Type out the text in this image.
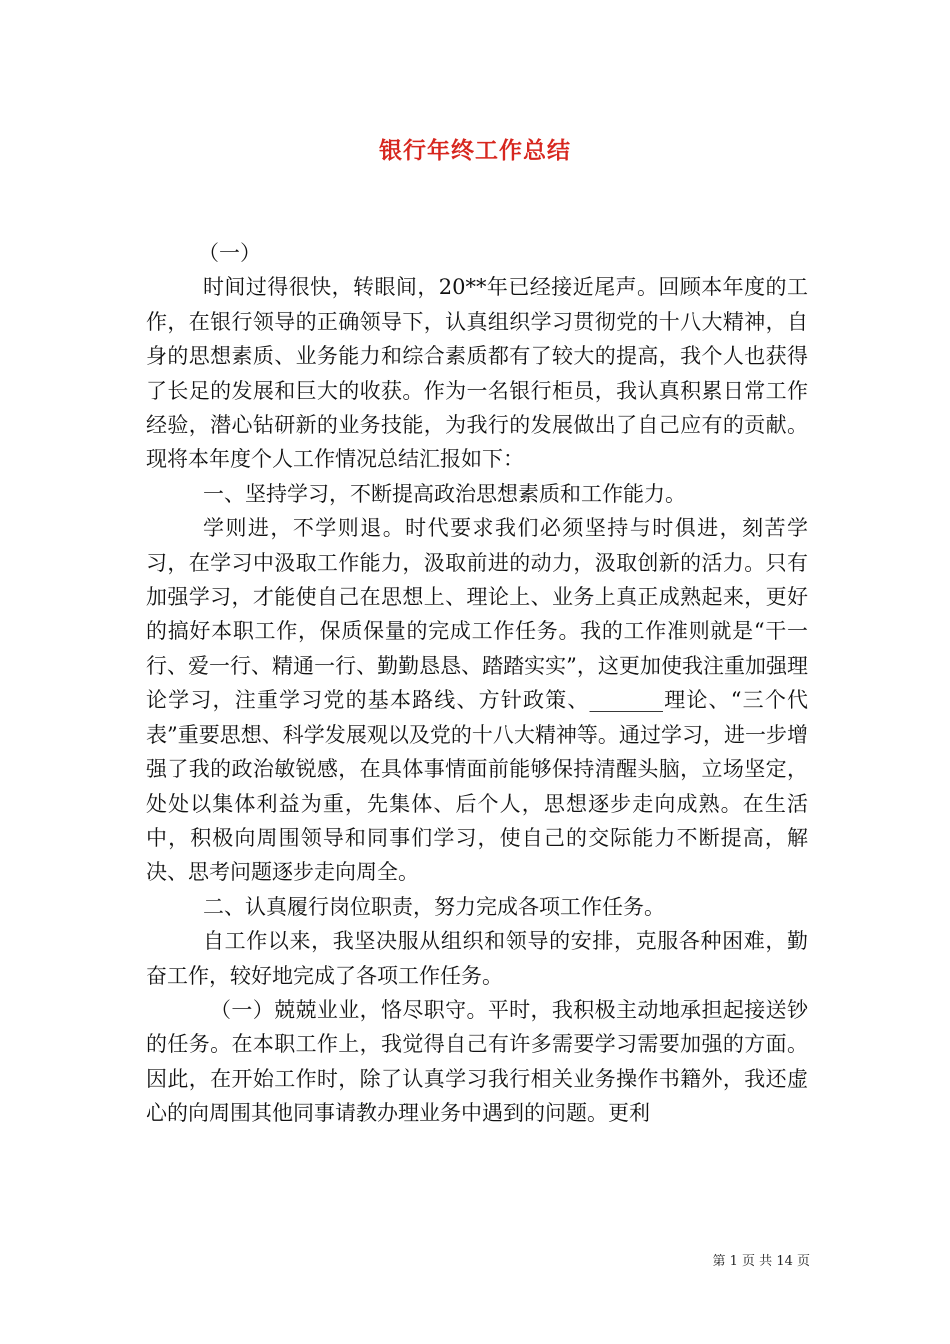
银行年终工作总结

（一）

时间过得很快，转眼间，20**年已经接近尾声。回顾本年度的工作，在银行领导的正确领导下，认真组织学习贯彻党的十八大精神，自身的思想素质、业务能力和综合素质都有了较大的提高，我个人也获得了长足的发展和巨大的收获。作为一名银行柜员，我认真积累日常工作经验，潜心钻研新的业务技能，为我行的发展做出了自己应有的贡献。现将本年度个人工作情况总结汇报如下：

一、坚持学习，不断提高政治思想素质和工作能力。

学则进，不学则退。时代要求我们必须坚持与时俱进，刻苦学习，在学习中汲取工作能力，汲取前进的动力，汲取创新的活力。只有加强学习，才能使自己在思想上、理论上、业务上真正成熟起来，更好的搞好本职工作，保质保量的完成工作任务。我的工作准则就是“干一行、爱一行、精通一行、勤勤恳恳、踏踏实实”，这更加使我注重加强理论学习，注重学习党的基本路线、方针政策、_______理论、“三个代表”重要思想、科学发展观以及党的十八大精神等。通过学习，进一步增强了我的政治敏锐感，在具体事情面前能够保持清醒头脑，立场坚定，处处以集体利益为重，先集体、后个人，思想逐步走向成熟。在生活中，积极向周围领导和同事们学习，使自己的交际能力不断提高，解决、思考问题逐步走向周全。

二、认真履行岗位职责，努力完成各项工作任务。

自工作以来，我坚决服从组织和领导的安排，克服各种困难，勤奋工作，较好地完成了各项工作任务。

（一）兢兢业业，恪尽职守。平时，我积极主动地承担起接送钞的任务。在本职工作上，我觉得自己有许多需要学习需要加强的方面。因此，在开始工作时，除了认真学习我行相关业务操作书籍外，我还虚心的向周围其他同事请教办理业务中遇到的问题。更利

第 1 页 共 14 页
